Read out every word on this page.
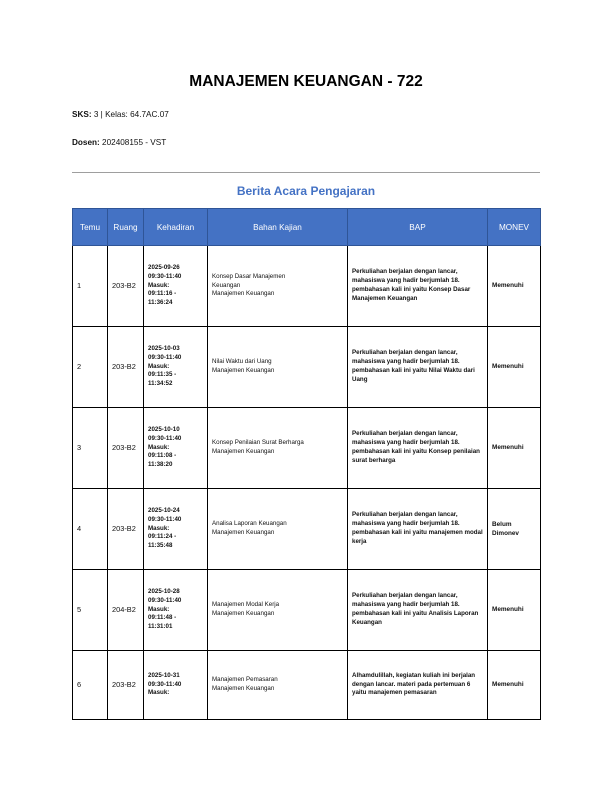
MANAJEMEN KEUANGAN - 722
SKS: 3 | Kelas: 64.7AC.07
Dosen: 202408155 - VST
Berita Acara Pengajaran
Temu	Ruang	Kehadiran	Bahan Kajian	BAP	MONEV
1	203-B2	2025-09-26
09:30-11:40
Masuk:
09:11:16 -
11:36:24	Konsep Dasar Manajemen
Keuangan
Manajemen Keuangan	Perkuliahan berjalan dengan lancar, mahasiswa yang hadir berjumlah 18. pembahasan kali ini yaitu Konsep Dasar Manajemen Keuangan	Memenuhi
2	203-B2	2025-10-03
09:30-11:40
Masuk:
09:11:35 -
11:34:52	Nilai Waktu dari Uang
Manajemen Keuangan	Perkuliahan berjalan dengan lancar, mahasiswa yang hadir berjumlah 18. pembahasan kali ini yaitu Nilai Waktu dari Uang	Memenuhi
3	203-B2	2025-10-10
09:30-11:40
Masuk:
09:11:08 -
11:38:20	Konsep Penilaian Surat Berharga
Manajemen Keuangan	Perkuliahan berjalan dengan lancar, mahasiswa yang hadir berjumlah 18. pembahasan kali ini yaitu Konsep penilaian surat berharga	Memenuhi
4	203-B2	2025-10-24
09:30-11:40
Masuk:
09:11:24 -
11:35:48	Analisa Laporan Keuangan
Manajemen Keuangan	Perkuliahan berjalan dengan lancar, mahasiswa yang hadir berjumlah 18. pembahasan kali ini yaitu manajemen modal kerja	Belum Dimonev
5	204-B2	2025-10-28
09:30-11:40
Masuk:
09:11:48 -
11:31:01	Manajemen Modal Kerja
Manajemen Keuangan	Perkuliahan berjalan dengan lancar, mahasiswa yang hadir berjumlah 18. pembahasan kali ini yaitu Analisis Laporan Keuangan	Memenuhi
6	203-B2	2025-10-31
09:30-11:40
Masuk:	Manajemen Pemasaran
Manajemen Keuangan	Alhamdulillah, kegiatan kuliah ini berjalan dengan lancar. materi pada pertemuan 6 yaitu manajemen pemasaran	Memenuhi
